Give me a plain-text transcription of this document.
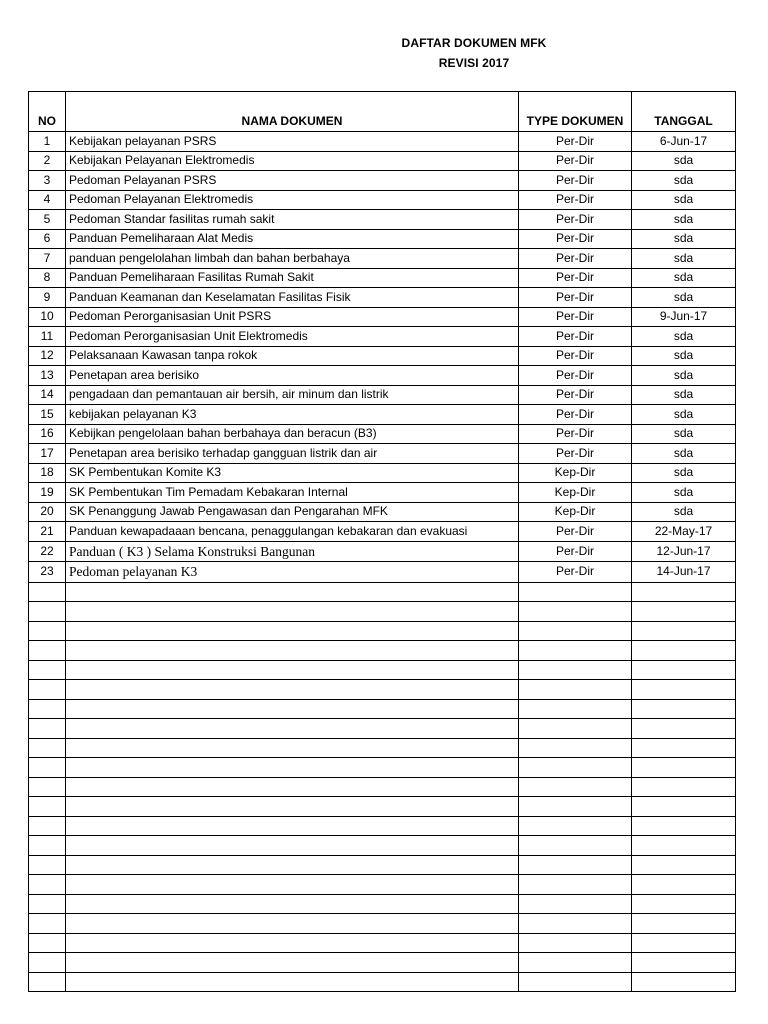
DAFTAR DOKUMEN MFK
REVISI 2017
NO	NAMA DOKUMEN	TYPE DOKUMEN	TANGGAL
1	Kebijakan pelayanan PSRS	Per-Dir	6-Jun-17
2	Kebijakan Pelayanan Elektromedis	Per-Dir	sda
3	Pedoman Pelayanan PSRS	Per-Dir	sda
4	Pedoman Pelayanan Elektromedis	Per-Dir	sda
5	Pedoman Standar fasilitas rumah sakit	Per-Dir	sda
6	Panduan Pemeliharaan Alat Medis	Per-Dir	sda
7	panduan pengelolahan limbah dan bahan berbahaya	Per-Dir	sda
8	Panduan Pemeliharaan Fasilitas Rumah Sakit	Per-Dir	sda
9	Panduan Keamanan dan Keselamatan Fasilitas Fisik	Per-Dir	sda
10	Pedoman Perorganisasian Unit PSRS	Per-Dir	9-Jun-17
11	Pedoman Perorganisasian Unit Elektromedis	Per-Dir	sda
12	Pelaksanaan Kawasan tanpa rokok	Per-Dir	sda
13	Penetapan area berisiko	Per-Dir	sda
14	pengadaan dan pemantauan air bersih, air minum dan listrik	Per-Dir	sda
15	kebijakan pelayanan K3	Per-Dir	sda
16	Kebijkan pengelolaan bahan berbahaya dan beracun (B3)	Per-Dir	sda
17	Penetapan area berisiko terhadap gangguan listrik dan air	Per-Dir	sda
18	SK Pembentukan Komite K3	Kep-Dir	sda
19	SK Pembentukan Tim Pemadam Kebakaran Internal	Kep-Dir	sda
20	SK Penanggung Jawab Pengawasan dan Pengarahan MFK	Kep-Dir	sda
21	Panduan kewapadaaan bencana, penaggulangan kebakaran dan evakuasi	Per-Dir	22-May-17
22	Panduan ( K3 ) Selama Konstruksi Bangunan	Per-Dir	12-Jun-17
23	Pedoman pelayanan K3	Per-Dir	14-Jun-17
